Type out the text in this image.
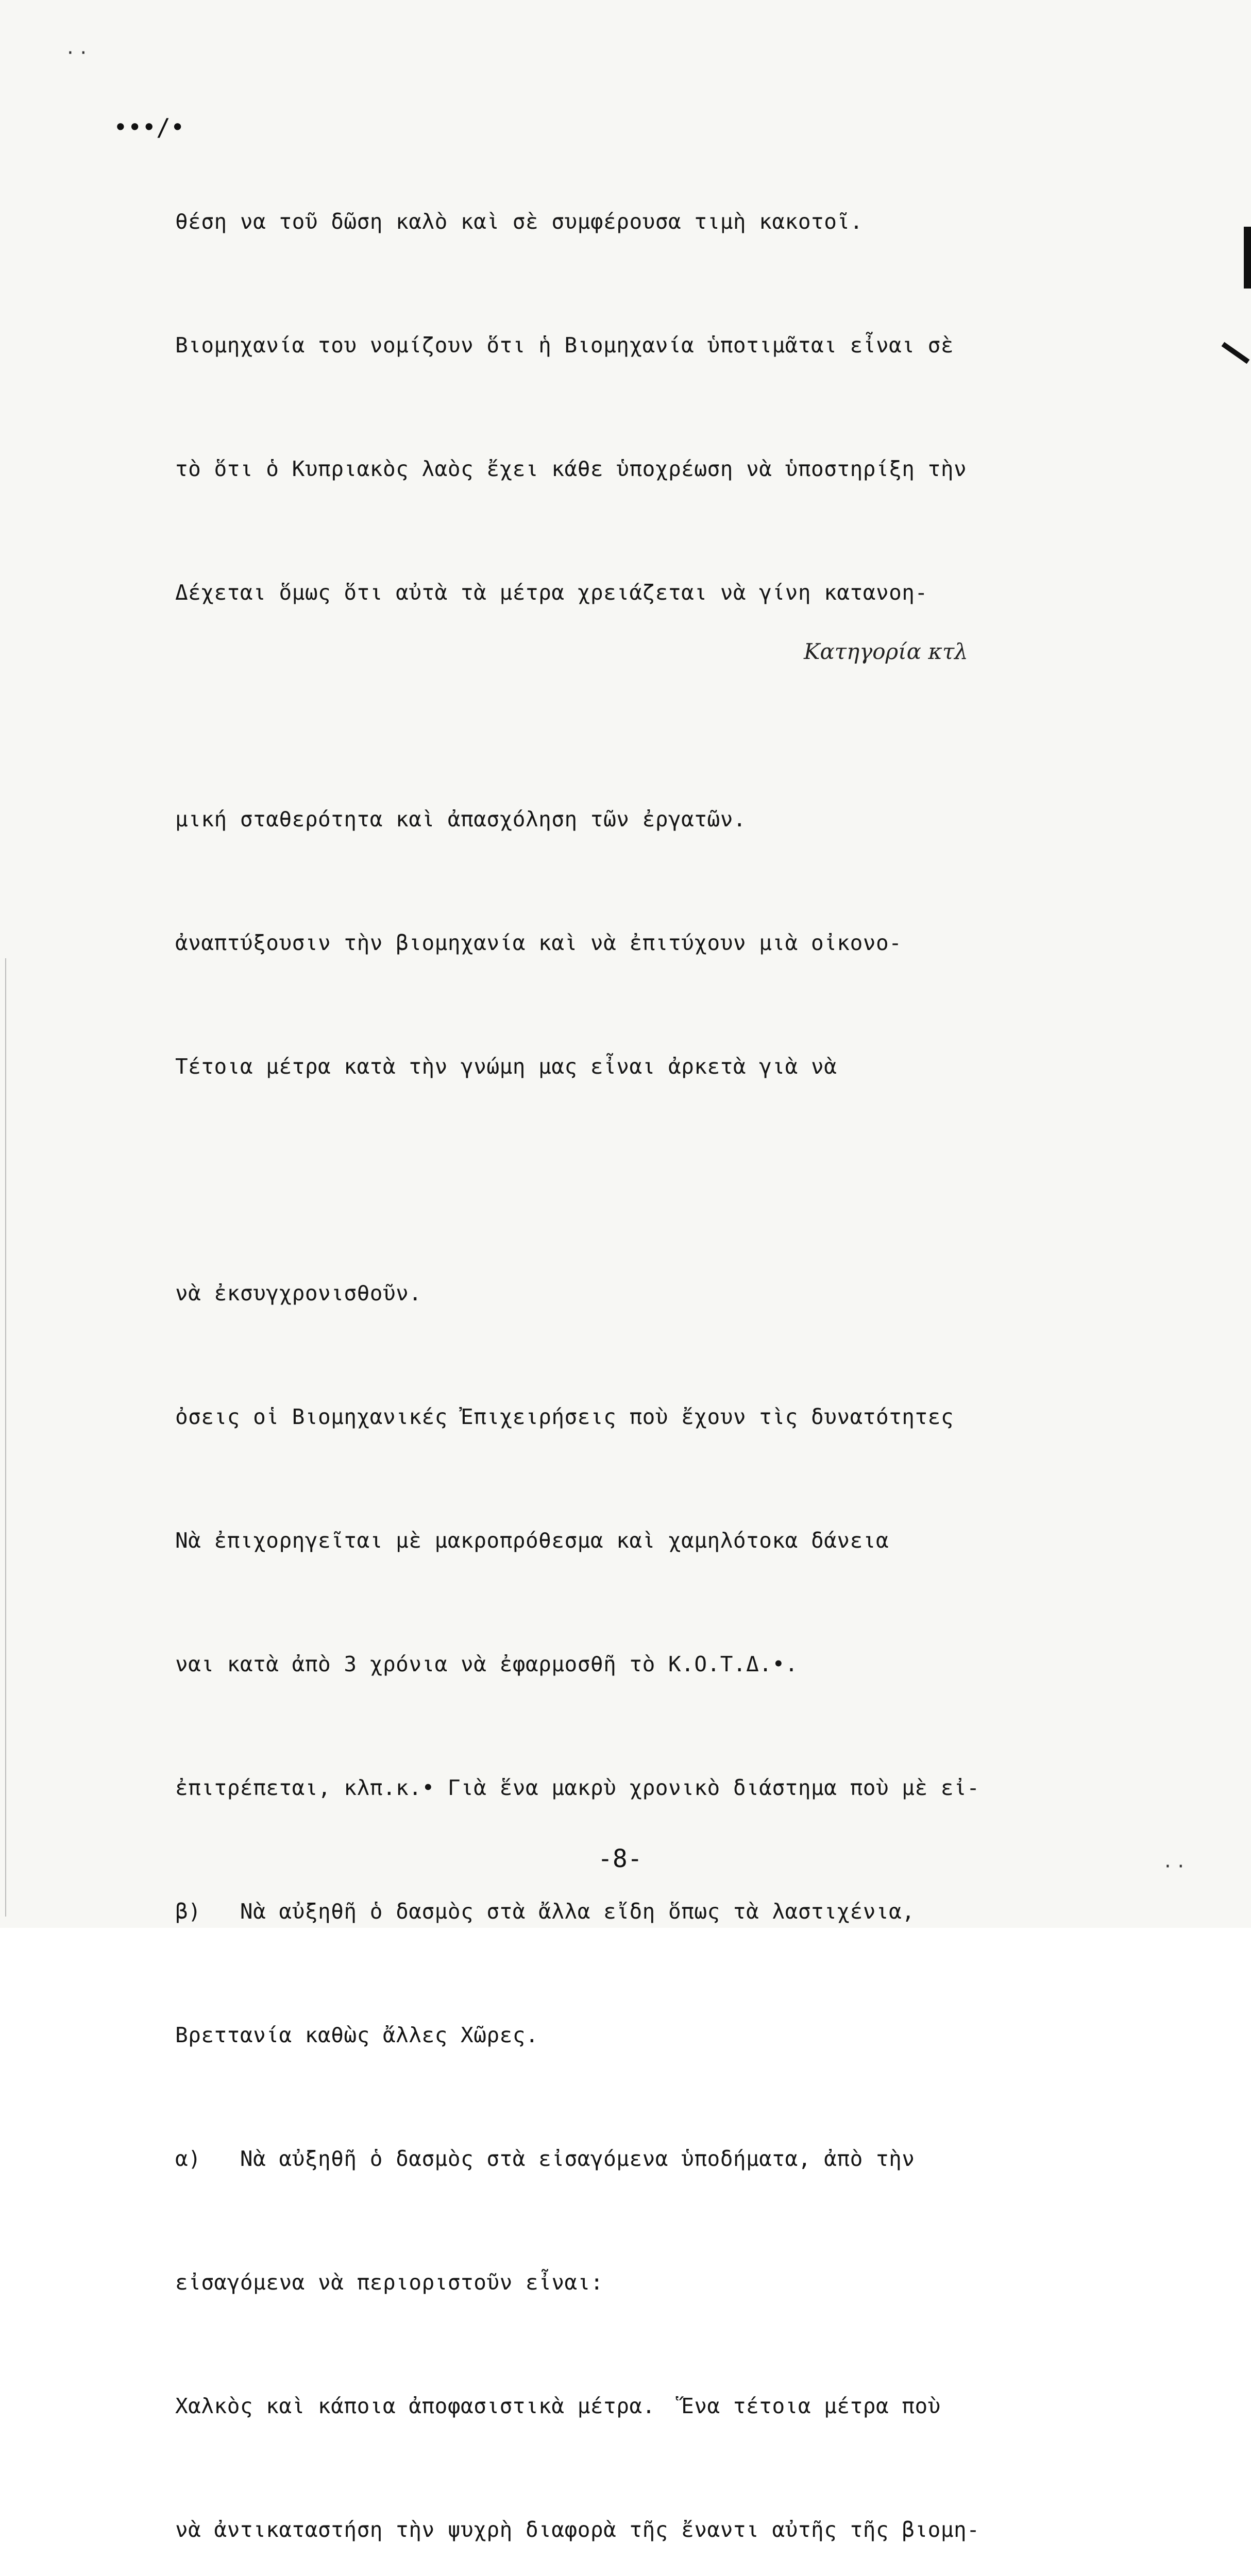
· ·
•••/•

θέση να τοῦ δῶση καλὸ καὶ σὲ συμφέρουσα τιμὴ κακοτοῖ.

Βιομηχανία του νομίζουν ὅτι ἡ Βιομηχανία ὑποτιμᾶται εἶναι σὲ

τὸ ὅτι ὁ Κυπριακὸς λαὸς ἔχει κάθε ὑποχρέωση νὰ ὑποστηρίξη τὴν

Δέχεται ὅμως ὅτι αὐτὰ τὰ μέτρα χρειάζεται νὰ γίνη κατανοη-

μική σταθερότητα καὶ ἀπασχόληση τῶν ἐργατῶν.

ἀναπτύξουσιν τὴν βιομηχανία καὶ νὰ ἐπιτύχουν μιὰ οἰκονο-

Τέτοια μέτρα κατὰ τὴν γνώμη μας εἶναι ἀρκετὰ γιὰ νὰ

νὰ ἐκσυγχρονισθοῦν.

ὀσεις οἱ Βιομηχανικές Ἐπιχειρήσεις ποὺ ἔχουν τὶς δυνατότητες

Νὰ ἐπιχορηγεῖται μὲ μακροπρόθεσμα καὶ χαμηλότοκα δάνεια

ναι κατὰ ἀπὸ 3 χρόνια νὰ ἐφαρμοσθῆ τὸ Κ.Ο.Τ.Δ.•.

ἐπιτρέπεται, κλπ.κ.• Γιὰ ἕνα μακρὺ χρονικὸ διάστημα ποὺ μὲ εἰ-

β)   Νὰ αὐξηθῆ ὁ δασμὸς στὰ ἄλλα εἴδη ὅπως τὰ λαστιχένια,

Βρεττανία καθὼς ἄλλες Χῶρες.

α)   Νὰ αὐξηθῆ ὁ δασμὸς στὰ εἰσαγόμενα ὑποδήματα, ἀπὸ τὴν

εἰσαγόμενα νὰ περιοριστοῦν εἶναι:

Χαλκὸς καὶ κάποια ἀποφασιστικὰ μέτρα.  Ἕνα τέτοια μέτρα ποὺ

νὰ ἀντικαταστήση τὴν ψυχρὴ διαφορὰ τῆς ἔναντι αὐτῆς τῆς βιομη-

Κατηγορία κτλ
-8-	· ·
